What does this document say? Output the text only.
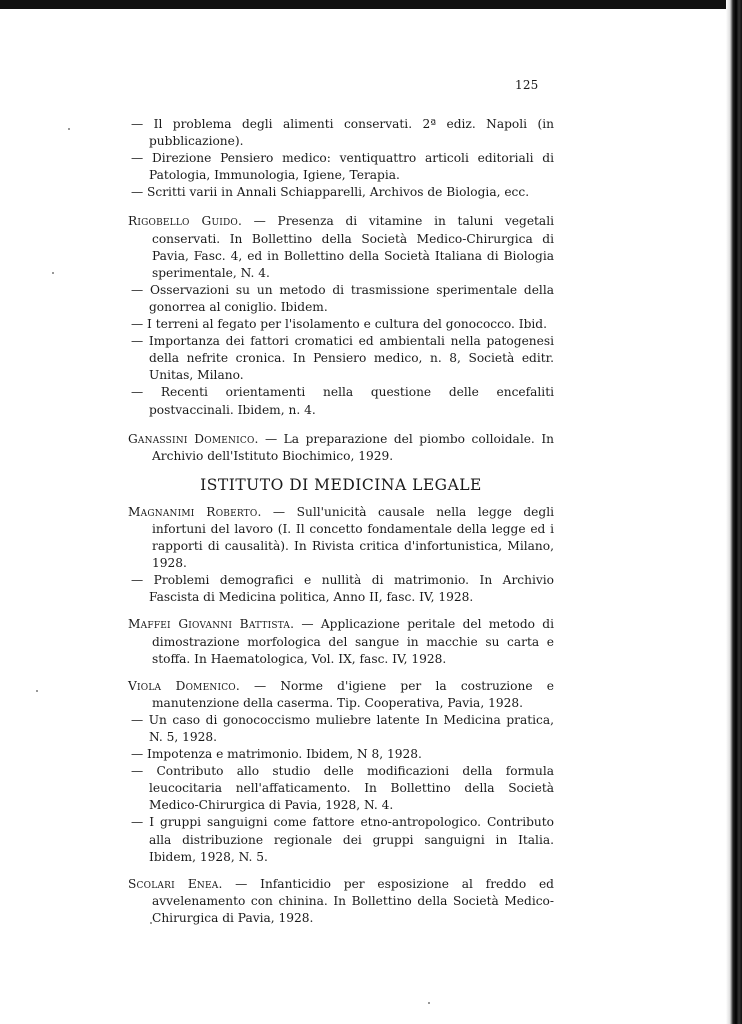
125

— Il problema degli alimenti conservati. 2ª ediz. Napoli (in pubblicazione).

— Direzione Pensiero medico: ventiquattro articoli editoriali di Patologia, Immunologia, Igiene, Terapia.

— Scritti varii in Annali Schiapparelli, Archivos de Biologia, ecc.

Rigobello Guido. — Presenza di vitamine in taluni vegetali conservati. In Bollettino della Società Medico-Chirurgica di Pavia, Fasc. 4, ed in Bollettino della Società Italiana di Biologia sperimentale, N. 4.

— Osservazioni su un metodo di trasmissione sperimentale della gonorrea al coniglio. Ibidem.

— I terreni al fegato per l'isolamento e cultura del gonococco. Ibid.

— Importanza dei fattori cromatici ed ambientali nella patogenesi della nefrite cronica. In Pensiero medico, n. 8, Società editr. Unitas, Milano.

— Recenti orientamenti nella questione delle encefaliti postvaccinali. Ibidem, n. 4.

Ganassini Domenico. — La preparazione del piombo colloidale. In Archivio dell'Istituto Biochimico, 1929.

ISTITUTO DI MEDICINA LEGALE

Magnanimi Roberto. — Sull'unicità causale nella legge degli infortuni del lavoro (I. Il concetto fondamentale della legge ed i rapporti di causalità). In Rivista critica d'infortunistica, Milano, 1928.

— Problemi demografici e nullità di matrimonio. In Archivio Fascista di Medicina politica, Anno II, fasc. IV, 1928.

Maffei Giovanni Battista. — Applicazione peritale del metodo di dimostrazione morfologica del sangue in macchie su carta e stoffa. In Haematologica, Vol. IX, fasc. IV, 1928.

Viola Domenico. — Norme d'igiene per la costruzione e manutenzione della caserma. Tip. Cooperativa, Pavia, 1928.

— Un caso di gonococcismo muliebre latente In Medicina pratica, N. 5, 1928.

— Impotenza e matrimonio. Ibidem, N 8, 1928.

— Contributo allo studio delle modificazioni della formula leucocitaria nell'affaticamento. In Bollettino della Società Medico-Chirurgica di Pavia, 1928, N. 4.

— I gruppi sanguigni come fattore etno-antropologico. Contributo alla distribuzione regionale dei gruppi sanguigni in Italia. Ibidem, 1928, N. 5.

Scolari Enea. — Infanticidio per esposizione al freddo ed avvelenamento con chinina. In Bollettino della Società Medico-Chirurgica di Pavia, 1928.
